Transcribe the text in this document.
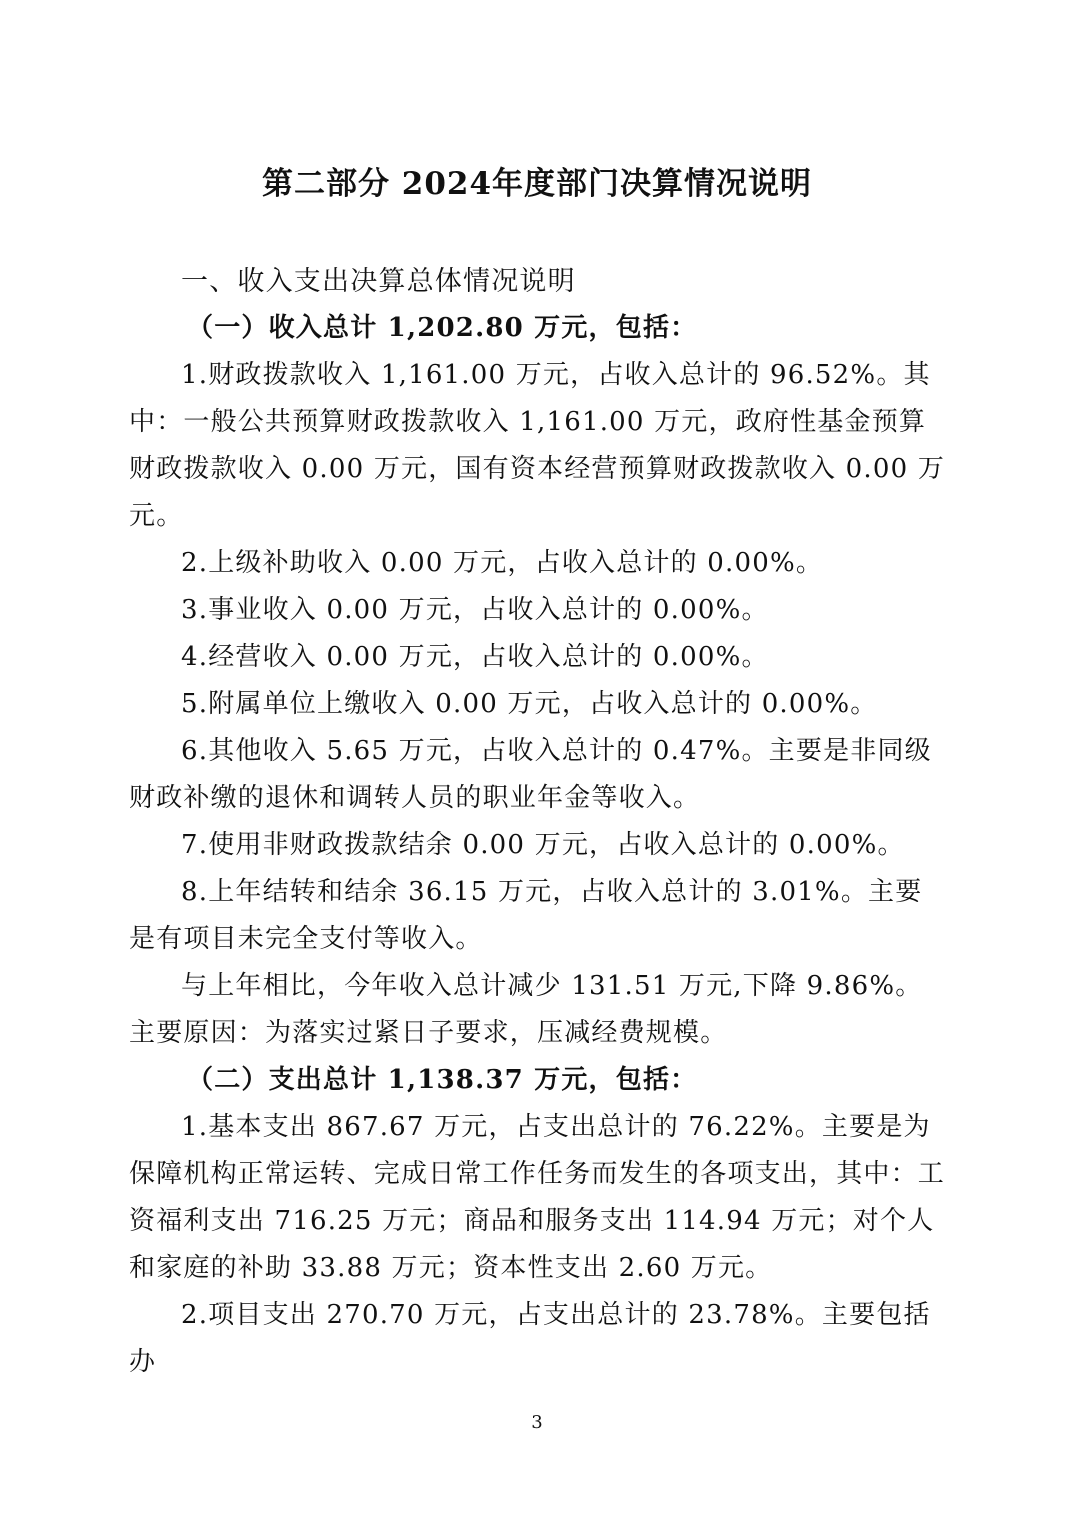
第二部分 2024年度部门决算情况说明

一、收入支出决算总体情况说明

（一）收入总计 1,202.80 万元，包括：

1.财政拨款收入 1,161.00 万元，占收入总计的 96.52%。其中：一般公共预算财政拨款收入 1,161.00 万元，政府性基金预算财政拨款收入 0.00 万元，国有资本经营预算财政拨款收入 0.00 万元。

2.上级补助收入 0.00 万元，占收入总计的 0.00%。

3.事业收入 0.00 万元，占收入总计的 0.00%。

4.经营收入 0.00 万元，占收入总计的 0.00%。

5.附属单位上缴收入 0.00 万元，占收入总计的 0.00%。

6.其他收入 5.65 万元，占收入总计的 0.47%。主要是非同级财政补缴的退休和调转人员的职业年金等收入。

7.使用非财政拨款结余 0.00 万元，占收入总计的 0.00%。

8.上年结转和结余 36.15 万元，占收入总计的 3.01%。主要是有项目未完全支付等收入。

与上年相比，今年收入总计减少 131.51 万元,下降 9.86%。主要原因：为落实过紧日子要求，压减经费规模。

（二）支出总计 1,138.37 万元，包括：

1.基本支出 867.67 万元，占支出总计的 76.22%。主要是为保障机构正常运转、完成日常工作任务而发生的各项支出，其中：工资福利支出 716.25 万元；商品和服务支出 114.94 万元；对个人和家庭的补助 33.88 万元；资本性支出 2.60 万元。

2.项目支出 270.70 万元，占支出总计的 23.78%。主要包括办

3
